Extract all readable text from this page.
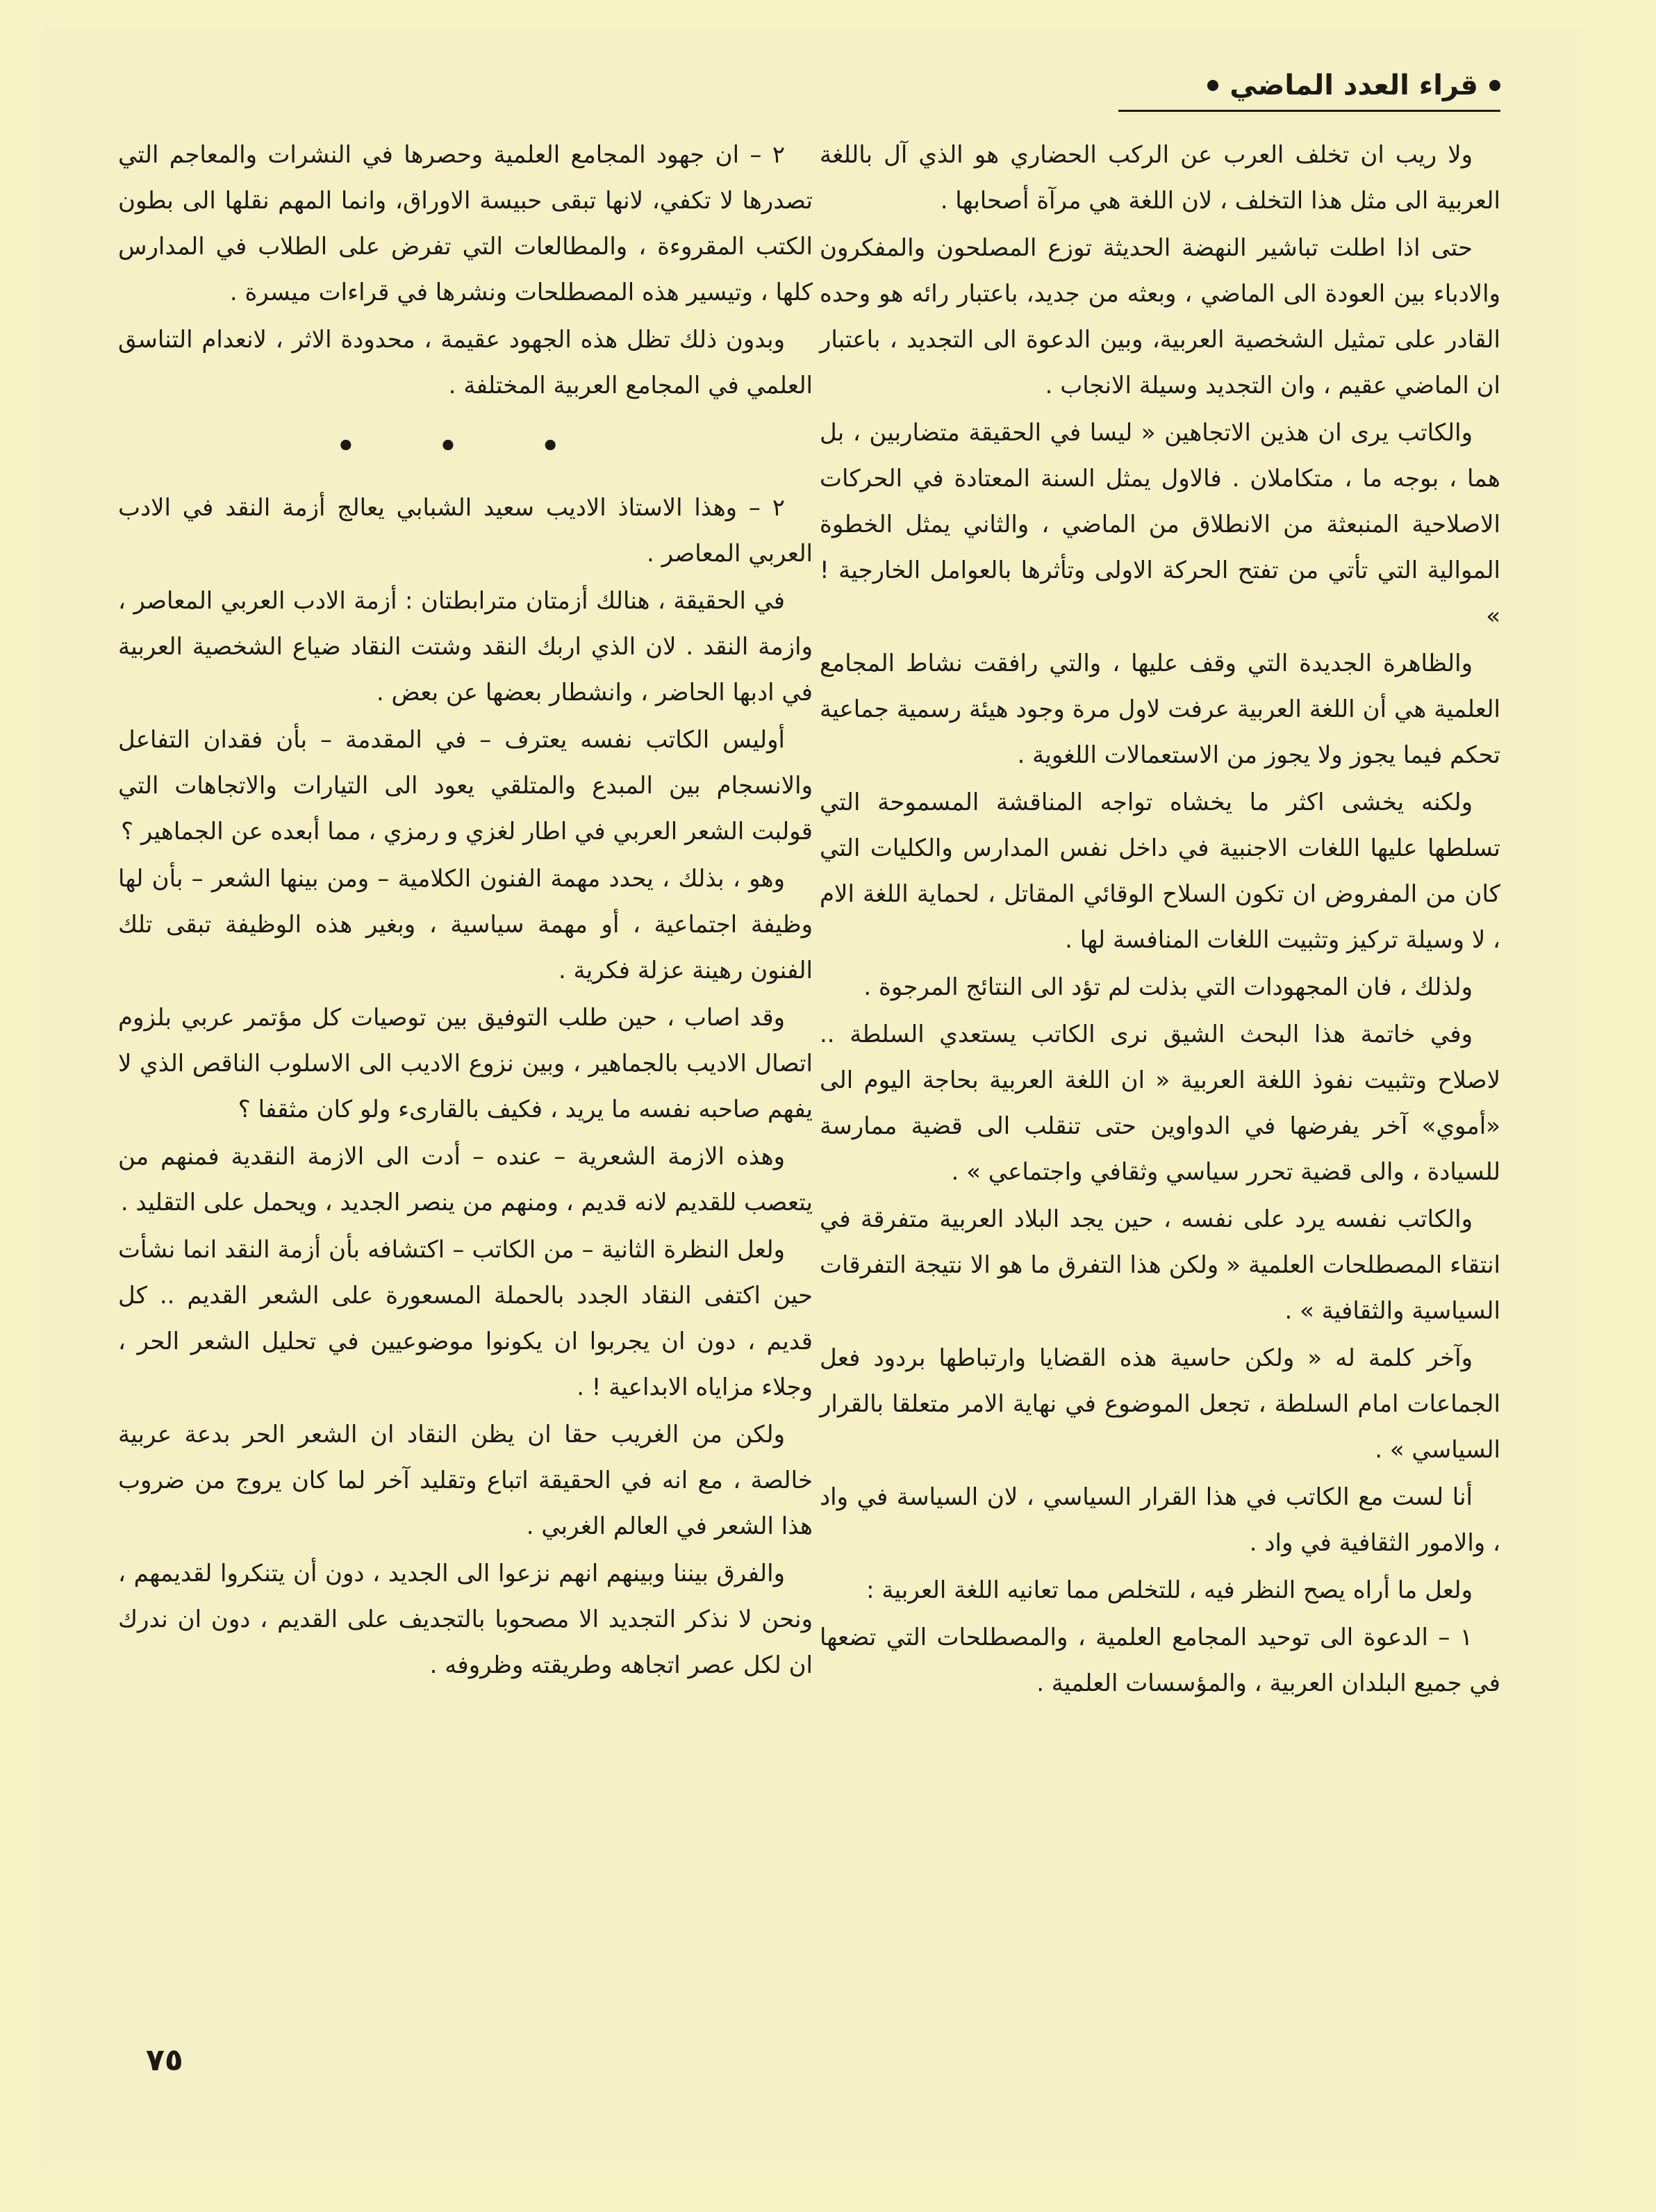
قراء العدد الماضي

ولا ريب ان تخلف العرب عن الركب الحضاري هو الذي آل باللغة العربية الى مثل هذا التخلف ، لان اللغة هي مرآة أصحابها .

حتى اذا اطلت تباشير النهضة الحديثة توزع المصلحون والمفكرون والادباء بين العودة الى الماضي ، وبعثه من جديد، باعتبار رائه هو وحده القادر على تمثيل الشخصية العربية، وبين الدعوة الى التجديد ، باعتبار ان الماضي عقيم ، وان التجديد وسيلة الانجاب .

والكاتب يرى ان هذين الاتجاهين « ليسا في الحقيقة متضاربين ، بل هما ، بوجه ما ، متكاملان . فالاول يمثل السنة المعتادة في الحركات الاصلاحية المنبعثة من الانطلاق من الماضي ، والثاني يمثل الخطوة الموالية التي تأتي من تفتح الحركة الاولى وتأثرها بالعوامل الخارجية ! »

والظاهرة الجديدة التي وقف عليها ، والتي رافقت نشاط المجامع العلمية هي أن اللغة العربية عرفت لاول مرة وجود هيئة رسمية جماعية تحكم فيما يجوز ولا يجوز من الاستعمالات اللغوية .

ولكنه يخشى اكثر ما يخشاه تواجه المناقشة المسموحة التي تسلطها عليها اللغات الاجنبية في داخل نفس المدارس والكليات التي كان من المفروض ان تكون السلاح الوقائي المقاتل ، لحماية اللغة الام ، لا وسيلة تركيز وتثبيت اللغات المنافسة لها .

ولذلك ، فان المجهودات التي بذلت لم تؤد الى النتائج المرجوة .

وفي خاتمة هذا البحث الشيق نرى الكاتب يستعدي السلطة .. لاصلاح وتثبيت نفوذ اللغة العربية « ان اللغة العربية بحاجة اليوم الى «أموي» آخر يفرضها في الدواوين حتى تنقلب الى قضية ممارسة للسيادة ، والى قضية تحرر سياسي وثقافي واجتماعي » .

والكاتب نفسه يرد على نفسه ، حين يجد البلاد العربية متفرقة في انتقاء المصطلحات العلمية « ولكن هذا التفرق ما هو الا نتيجة التفرقات السياسية والثقافية » .

وآخر كلمة له « ولكن حاسية هذه القضايا وارتباطها بردود فعل الجماعات امام السلطة ، تجعل الموضوع في نهاية الامر متعلقا بالقرار السياسي » .

أنا لست مع الكاتب في هذا القرار السياسي ، لان السياسة في واد ، والامور الثقافية في واد .

ولعل ما أراه يصح النظر فيه ، للتخلص مما تعانيه اللغة العربية :

١ – الدعوة الى توحيد المجامع العلمية ، والمصطلحات التي تضعها في جميع البلدان العربية ، والمؤسسات العلمية .

٢ – ان جهود المجامع العلمية وحصرها في النشرات والمعاجم التي تصدرها لا تكفي، لانها تبقى حبيسة الاوراق، وانما المهم نقلها الى بطون الكتب المقروءة ، والمطالعات التي تفرض على الطلاب في المدارس كلها ، وتيسير هذه المصطلحات ونشرها في قراءات ميسرة .

وبدون ذلك تظل هذه الجهود عقيمة ، محدودة الاثر ، لانعدام التناسق العلمي في المجامع العربية المختلفة .

• • •

٢ – وهذا الاستاذ الاديب سعيد الشبابي يعالج أزمة النقد في الادب العربي المعاصر .

في الحقيقة ، هنالك أزمتان مترابطتان : أزمة الادب العربي المعاصر ، وازمة النقد . لان الذي اربك النقد وشتت النقاد ضياع الشخصية العربية في ادبها الحاضر ، وانشطار بعضها عن بعض .

أوليس الكاتب نفسه يعترف – في المقدمة – بأن فقدان التفاعل والانسجام بين المبدع والمتلقي يعود الى التيارات والاتجاهات التي قولبت الشعر العربي في اطار لغزي و رمزي ، مما أبعده عن الجماهير ؟

وهو ، بذلك ، يحدد مهمة الفنون الكلامية – ومن بينها الشعر – بأن لها وظيفة اجتماعية ، أو مهمة سياسية ، وبغير هذه الوظيفة تبقى تلك الفنون رهينة عزلة فكرية .

وقد اصاب ، حين طلب التوفيق بين توصيات كل مؤتمر عربي بلزوم اتصال الاديب بالجماهير ، وبين نزوع الاديب الى الاسلوب الناقص الذي لا يفهم صاحبه نفسه ما يريد ، فكيف بالقارىء ولو كان مثقفا ؟

وهذه الازمة الشعرية – عنده – أدت الى الازمة النقدية فمنهم من يتعصب للقديم لانه قديم ، ومنهم من ينصر الجديد ، ويحمل على التقليد .

ولعل النظرة الثانية – من الكاتب – اكتشافه بأن أزمة النقد انما نشأت حين اكتفى النقاد الجدد بالحملة المسعورة على الشعر القديم .. كل قديم ، دون ان يجربوا ان يكونوا موضوعيين في تحليل الشعر الحر ، وجلاء مزاياه الابداعية ! .

ولكن من الغريب حقا ان يظن النقاد ان الشعر الحر بدعة عربية خالصة ، مع انه في الحقيقة اتباع وتقليد آخر لما كان يروج من ضروب هذا الشعر في العالم الغربي .

والفرق بيننا وبينهم انهم نزعوا الى الجديد ، دون أن يتنكروا لقديمهم ، ونحن لا نذكر التجديد الا مصحوبا بالتجديف على القديم ، دون ان ندرك ان لكل عصر اتجاهه وطريقته وظروفه .

٧٥
